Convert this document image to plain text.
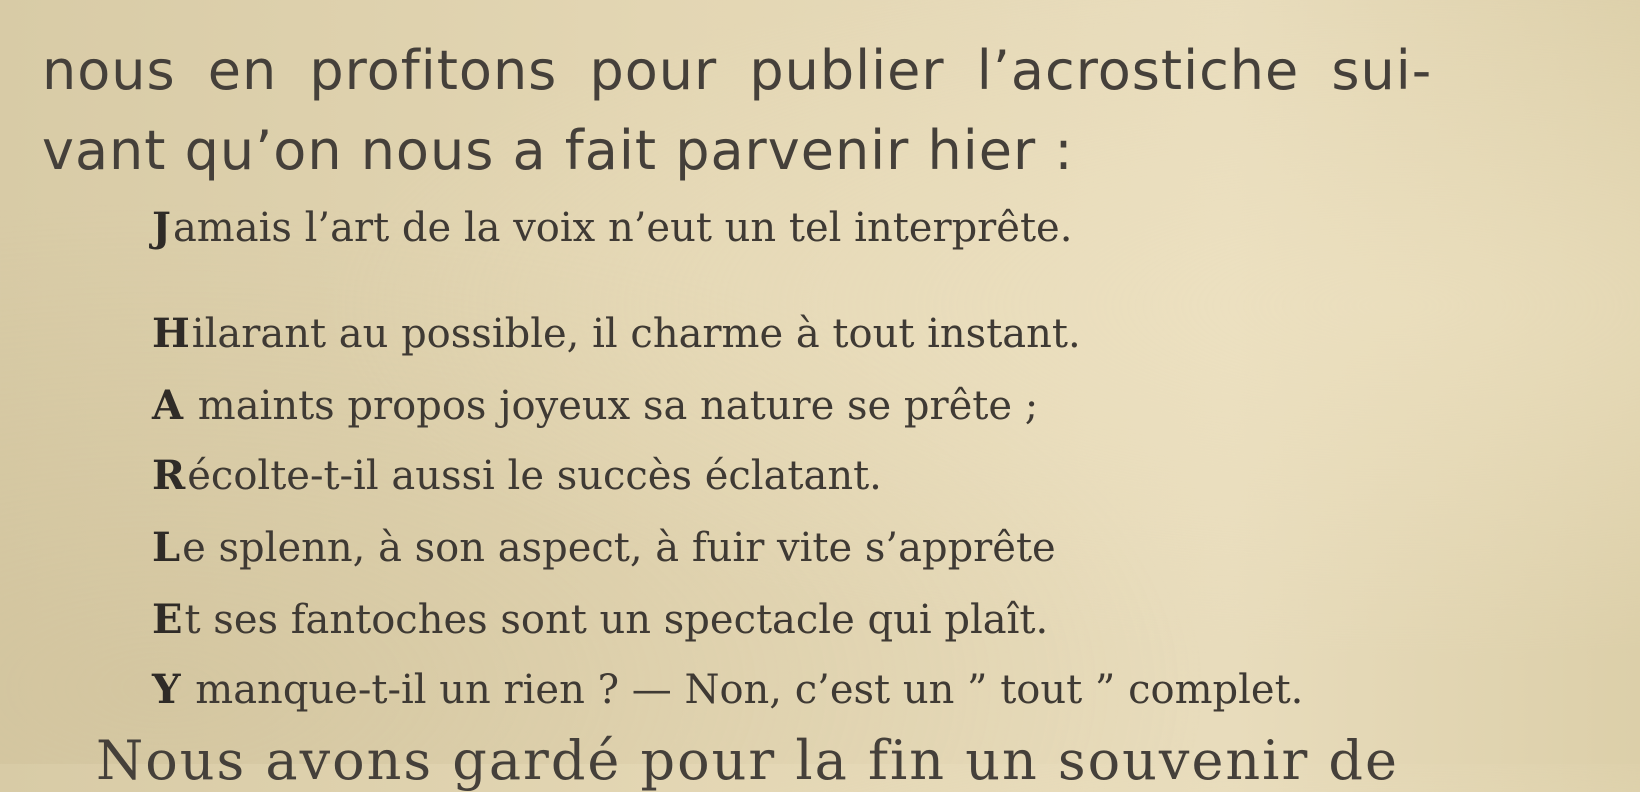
nous en profitons pour publier l’acrostiche sui-
vant qu’on nous a fait parvenir hier :
J amais l’art de la voix n’eut un tel interprête.
H ilarant au possible, il charme à tout instant.
A maints propos joyeux sa nature se prête ;
R écolte-t-il aussi le succès éclatant.
L e splenn, à son aspect, à fuir vite s’apprête
E t ses fantoches sont un spectacle qui plaît.
Y manque-t-il un rien ? — Non, c’est un ” tout ” complet.
Nous avons gardé pour la fin un souvenir de
